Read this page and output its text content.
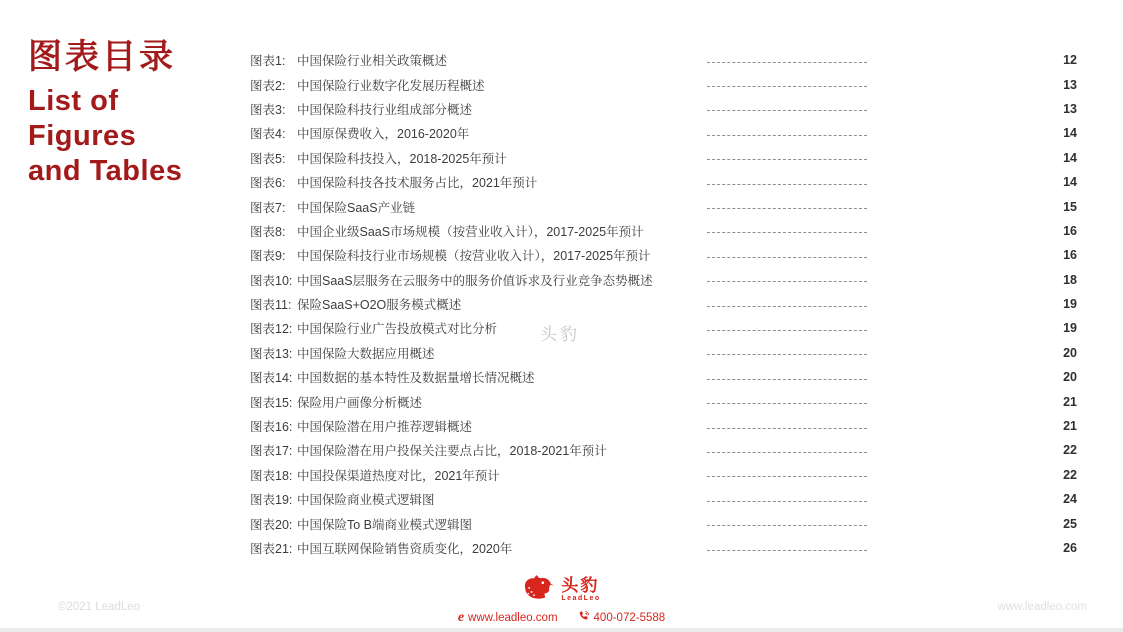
图表目录
List of
Figures
and Tables
图表1: 中国保险行业相关政策概述	12
图表2: 中国保险行业数字化发展历程概述	13
图表3: 中国保险科技行业组成部分概述	13
图表4: 中国原保费收入，2016-2020年	14
图表5: 中国保险科技投入，2018-2025年预计	14
图表6: 中国保险科技各技术服务占比，2021年预计	14
图表7: 中国保险SaaS产业链	15
图表8: 中国企业级SaaS市场规模（按营业收入计），2017-2025年预计	16
图表9: 中国保险科技行业市场规模（按营业收入计），2017-2025年预计	16
图表10: 中国SaaS层服务在云服务中的服务价值诉求及行业竞争态势概述	18
图表11: 保险SaaS+O2O服务模式概述	19
图表12: 中国保险行业广告投放模式对比分析	19
图表13: 中国保险大数据应用概述	20
图表14: 中国数据的基本特性及数据量增长情况概述	20
图表15: 保险用户画像分析概述	21
图表16: 中国保险潜在用户推荐逻辑概述	21
图表17: 中国保险潜在用户投保关注要点占比，2018-2021年预计	22
图表18: 中国投保渠道热度对比，2021年预计	22
图表19: 中国保险商业模式逻辑图	24
图表20: 中国保险To B端商业模式逻辑图	25
图表21: 中国互联网保险销售资质变化，2020年	26
头豹
©2021 LeadLeo
头豹
LeadLeo
e www.leadleo.com	400-072-5588
www.leadleo.com
